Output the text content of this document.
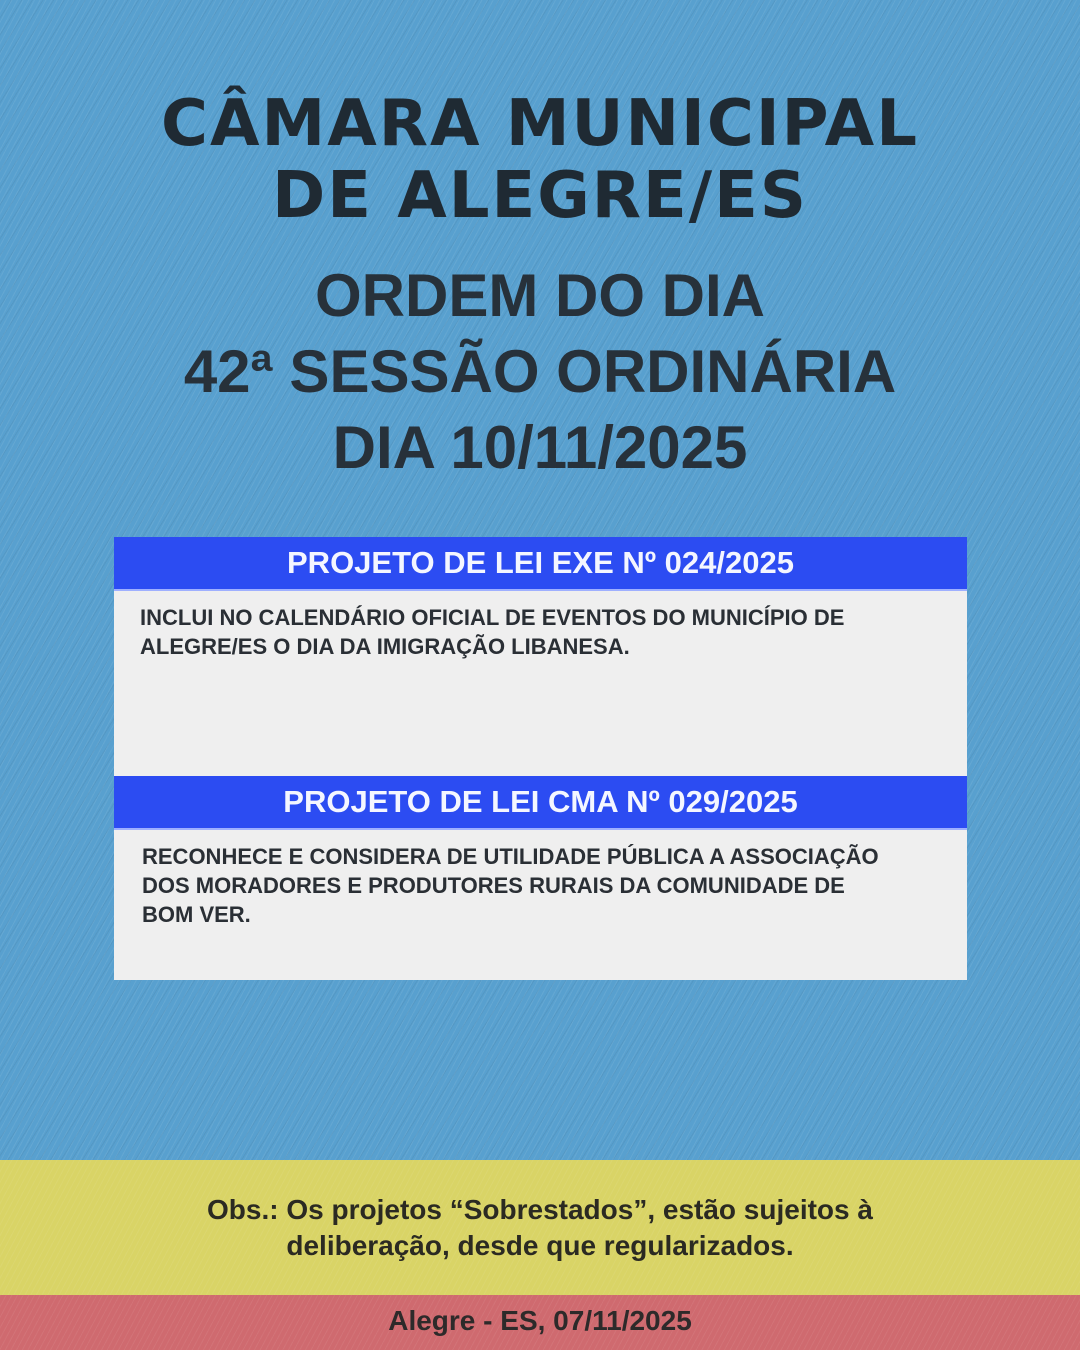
CÂMARA MUNICIPAL
DE ALEGRE/ES
ORDEM DO DIA
42ª SESSÃO ORDINÁRIA
DIA 10/11/2025
PROJETO DE LEI EXE Nº 024/2025
INCLUI NO CALENDÁRIO OFICIAL DE EVENTOS DO MUNICÍPIO DE
ALEGRE/ES O DIA DA IMIGRAÇÃO LIBANESA.
PROJETO DE LEI CMA Nº 029/2025
RECONHECE E CONSIDERA DE UTILIDADE PÚBLICA A ASSOCIAÇÃO
DOS MORADORES E PRODUTORES RURAIS DA COMUNIDADE DE
BOM VER.
Obs.: Os projetos “Sobrestados”, estão sujeitos à
deliberação, desde que regularizados.
Alegre - ES, 07/11/2025
